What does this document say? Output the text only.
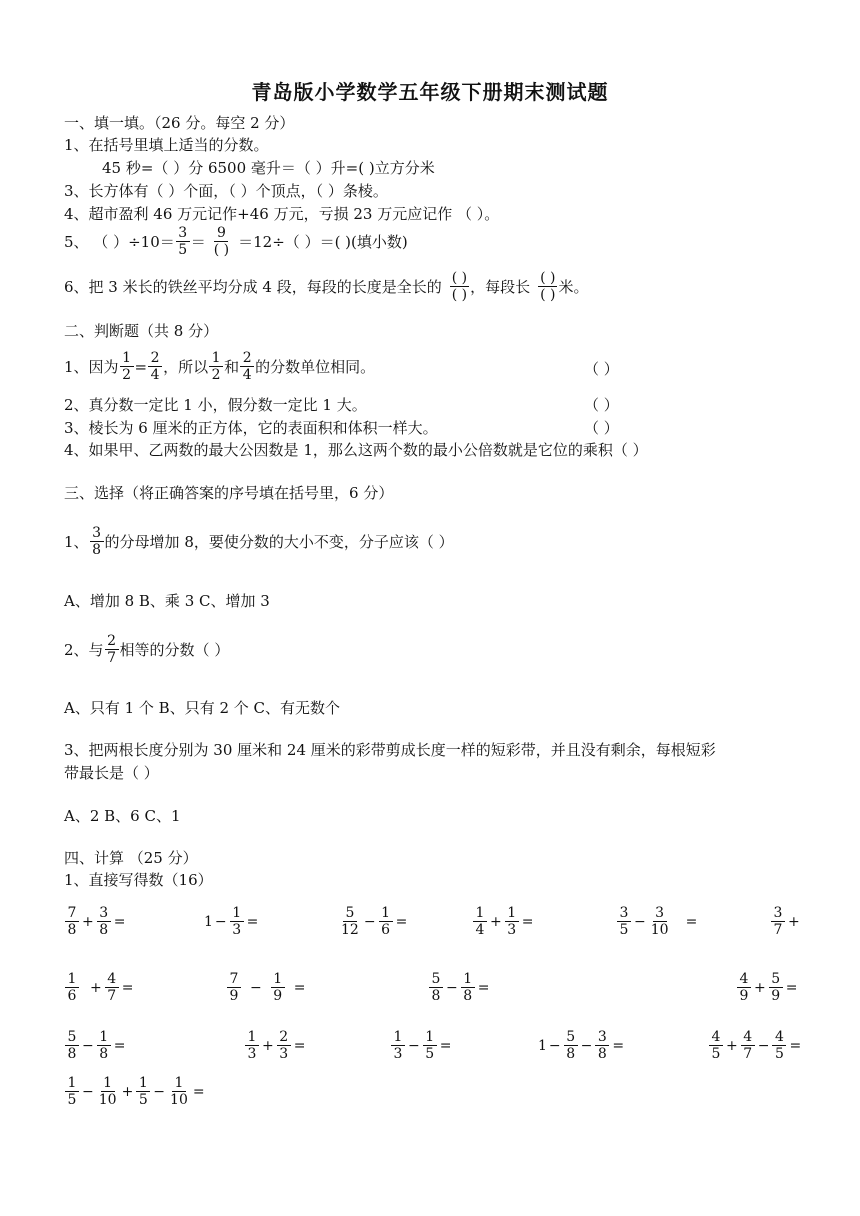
青岛版小学数学五年级下册期末测试题
一、填一填。（26 分。每空 2 分）
1、在括号里填上适当的分数。
45 秒=（ ）分 6500 毫升＝（ ）升=( )立方分米
3、长方体有（ ）个面，（ ）个顶点，（ ）条棱。
4、超市盈利 46 万元记作+46 万元，亏损 23 万元应记作 （ ）。
5、 （ ）$\div 10= \frac{3}{5} = \frac{9}{( )} =12\div$（ ）＝( )(填小数)
6、把 3 米长的铁丝平均分成 4 段，每段的长度是全长的 $\frac{( )}{( )}$ ，每段长 $\frac{( )}{( )}$ 米。
二、判断题（共 8 分）
1、因为 $\frac{1}{2} = \frac{2}{4}$ ，所以 $\frac{1}{2}$ 和 $\frac{2}{4}$ 的分数单位相同。	（ ）
2、真分数一定比 1 小，假分数一定比 1 大。	（ ）
3、棱长为 6 厘米的正方体，它的表面积和体积一样大。	（ ）
4、如果甲、乙两数的最大公因数是 1，那么这两个数的最小公倍数就是它位的乘积（ ）
三、选择（将正确答案的序号填在括号里，6 分）
1、 $\frac{3}{8}$ 的分母增加 8，要使分数的大小不变，分子应该（ ）
A、增加 8 B、乘 3 C、增加 3
2、与 $\frac{2}{7}$ 相等的分数（ ）
A、只有 1 个 B、只有 2 个 C、有无数个
3、把两根长度分别为 30 厘米和 24 厘米的彩带剪成长度一样的短彩带，并且没有剩余，每根短彩
带最长是（ ）
A、2 B、6 C、1
四、计算 （25 分）
1、直接写得数（16）
$\frac{7}{8} + \frac{3}{8}$ =	$1 - \frac{1}{3}$ =	$\frac{5}{12} - \frac{1}{6}$ =	$\frac{1}{4} + \frac{1}{3}$ =	$\frac{3}{5} - \frac{3}{10}$ =	$\frac{3}{7}$ +
$\frac{1}{6} + \frac{4}{7}$ =	$\frac{7}{9} - \frac{1}{9}$ =	$\frac{5}{8} - \frac{1}{8}$ =	$\frac{4}{9} + \frac{5}{9}$ =
$\frac{5}{8} - \frac{1}{8}$ =	$\frac{1}{3} + \frac{2}{3}$ =	$\frac{1}{3} - \frac{1}{5}$ =	$1 - \frac{5}{8} - \frac{3}{8}$ =	$\frac{4}{5} + \frac{4}{7} - \frac{4}{5}$ =
$\frac{1}{5} - \frac{1}{10} + \frac{1}{5} - \frac{1}{10}$ =
